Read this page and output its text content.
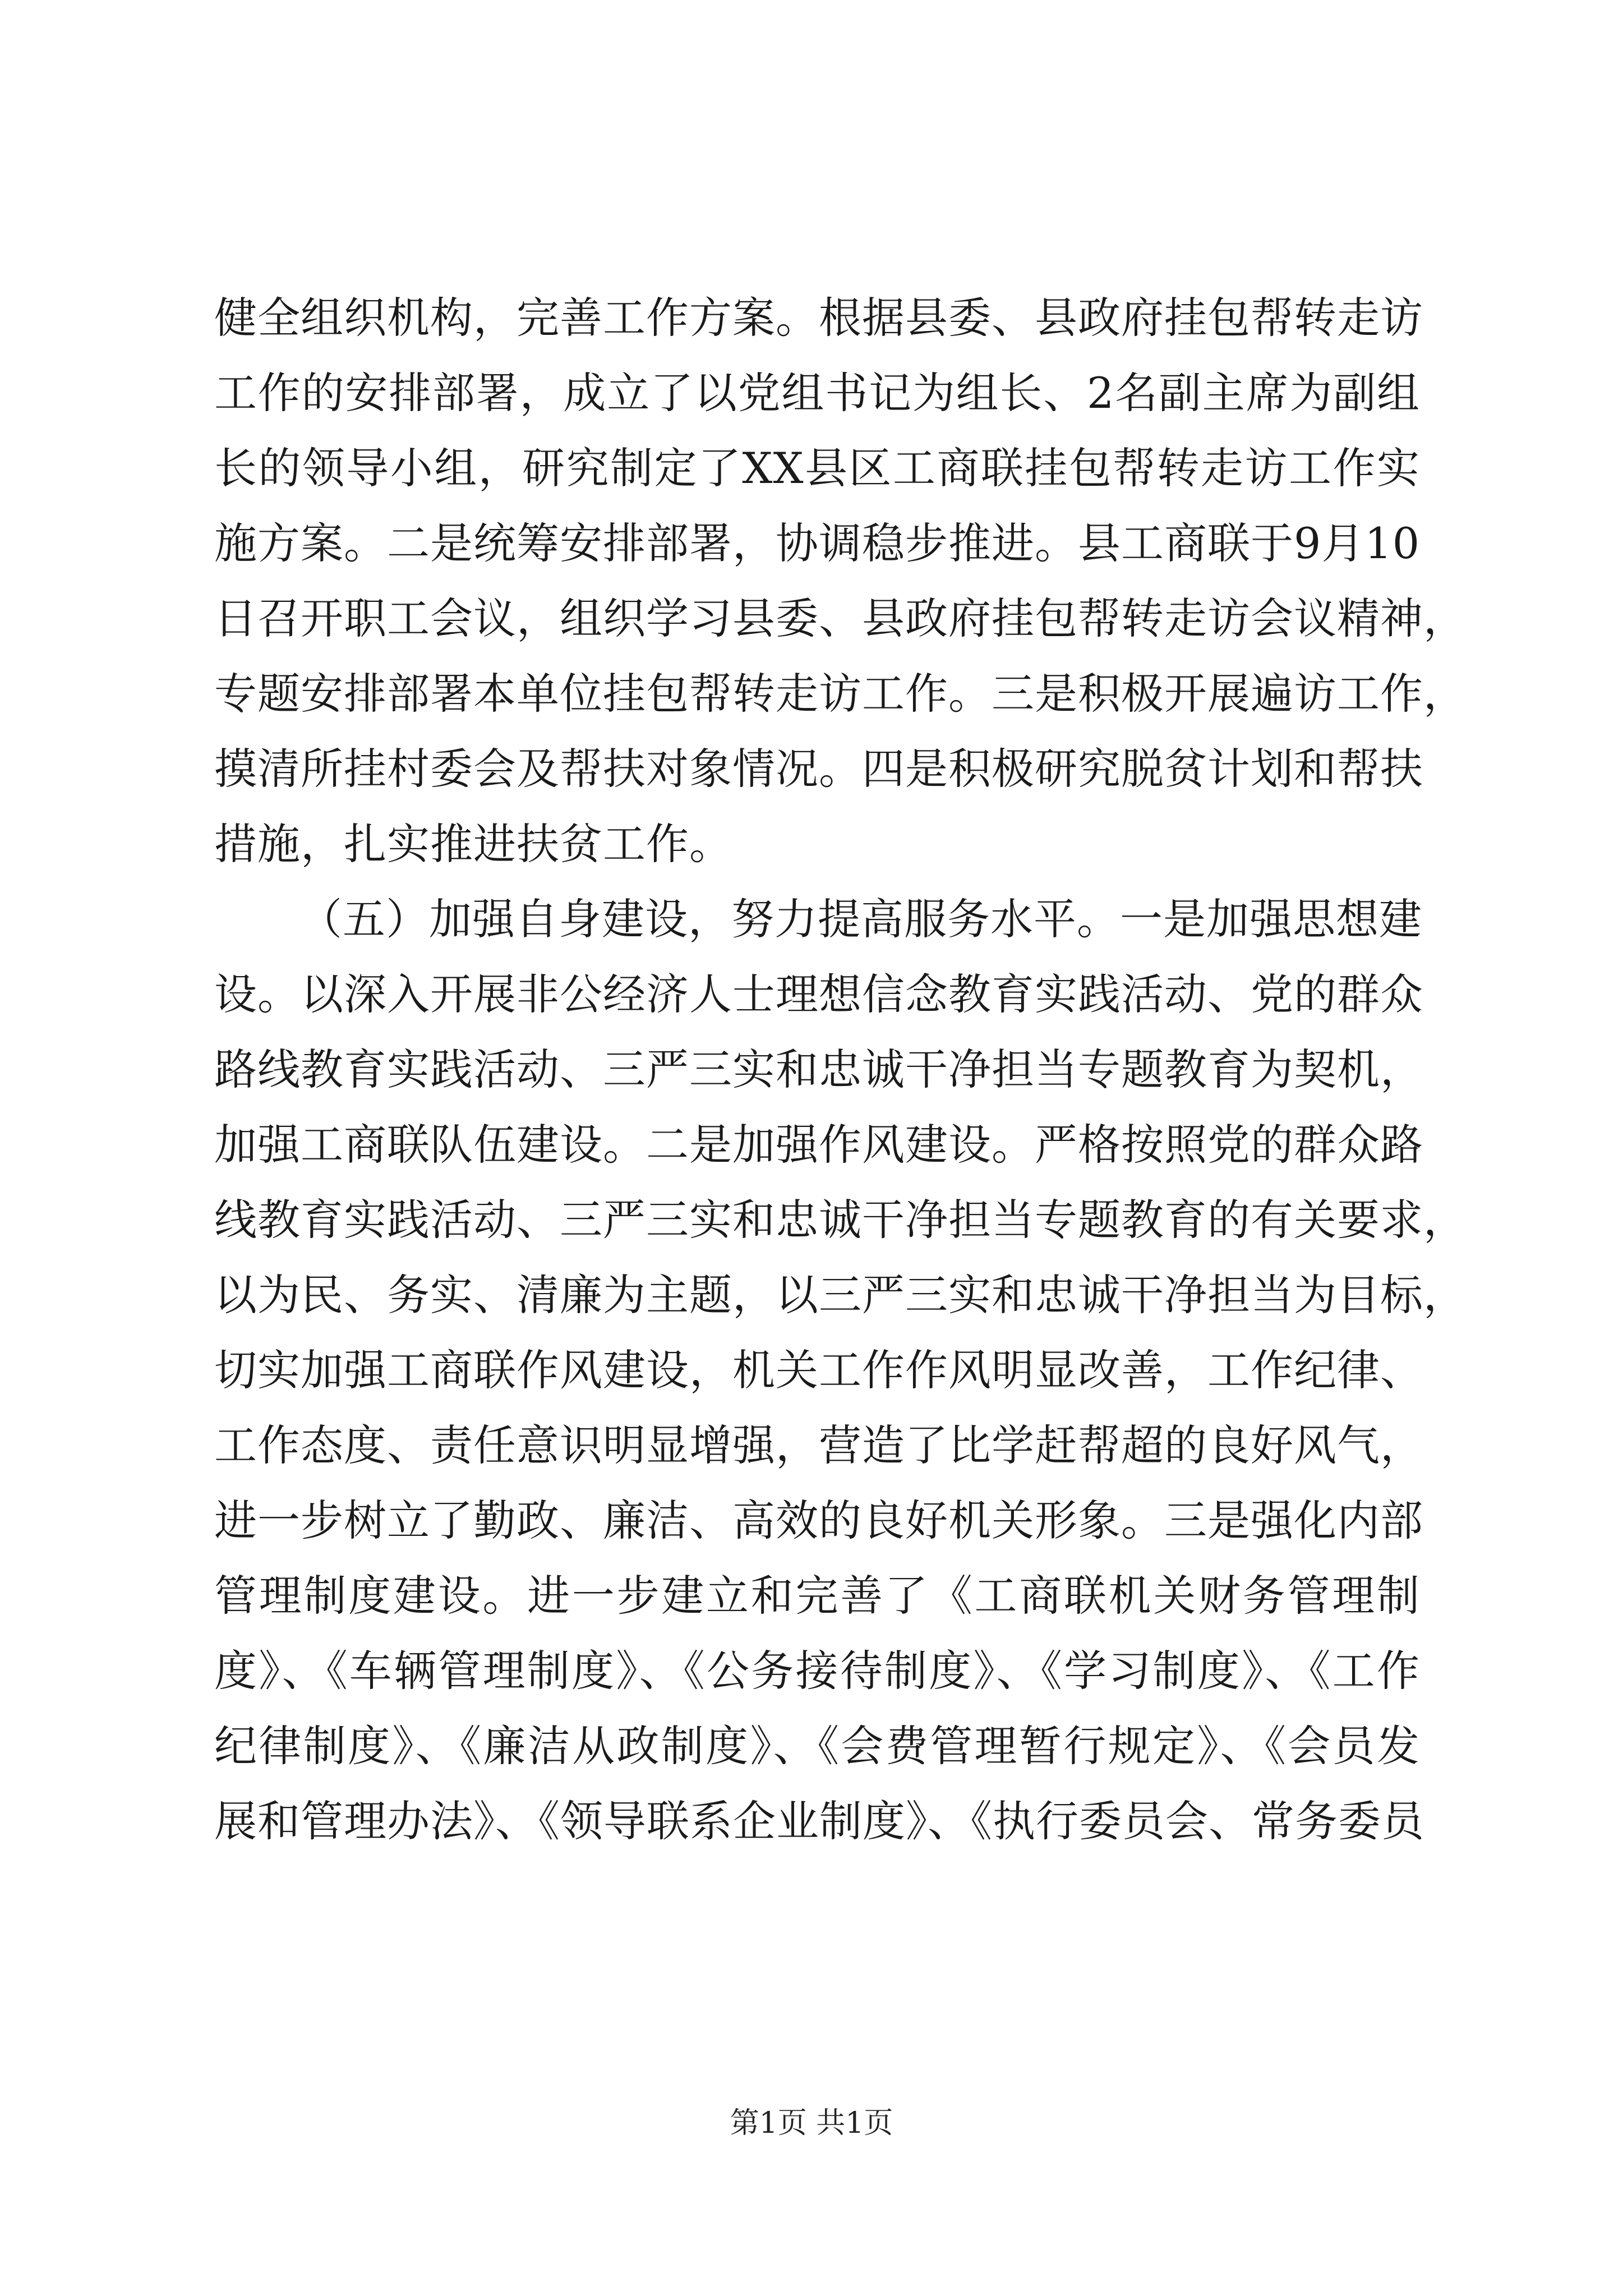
健全组织机构，完善工作方案。根据县委、县政府挂包帮转走访
工作的安排部署，成立了以党组书记为组长、2名副主席为副组
长的领导小组，研究制定了XX县区工商联挂包帮转走访工作实
施方案。二是统筹安排部署，协调稳步推进。县工商联于9月10
日召开职工会议，组织学习县委、县政府挂包帮转走访会议精神，
专题安排部署本单位挂包帮转走访工作。三是积极开展遍访工作，
摸清所挂村委会及帮扶对象情况。四是积极研究脱贫计划和帮扶
措施，扎实推进扶贫工作。
（五）加强自身建设，努力提高服务水平。一是加强思想建
设。以深入开展非公经济人士理想信念教育实践活动、党的群众
路线教育实践活动、三严三实和忠诚干净担当专题教育为契机，
加强工商联队伍建设。二是加强作风建设。严格按照党的群众路
线教育实践活动、三严三实和忠诚干净担当专题教育的有关要求，
以为民、务实、清廉为主题，以三严三实和忠诚干净担当为目标，
切实加强工商联作风建设，机关工作作风明显改善，工作纪律、
工作态度、责任意识明显增强，营造了比学赶帮超的良好风气，
进一步树立了勤政、廉洁、高效的良好机关形象。三是强化内部
管理制度建设。进一步建立和完善了《工商联机关财务管理制
度》、《车辆管理制度》、《公务接待制度》、《学习制度》、《工作
纪律制度》、《廉洁从政制度》、《会费管理暂行规定》、《会员发
展和管理办法》、《领导联系企业制度》、《执行委员会、常务委员
第1页 共1页
